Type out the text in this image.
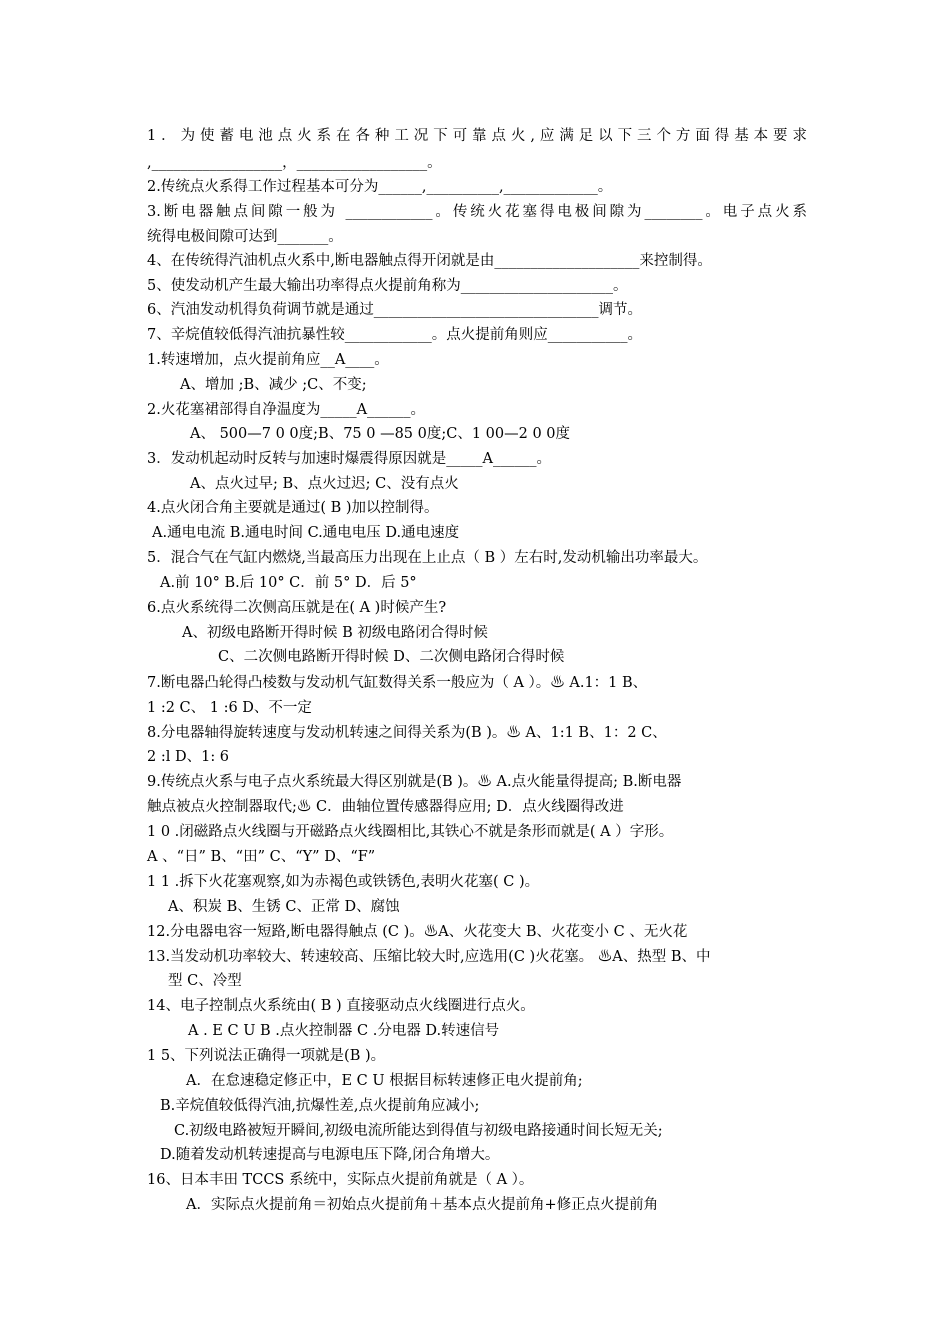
1．为使蓄电池点火系在各种工况下可靠点火,应满足以下三个方面得基本要求
,__________________，__________________。
2.传统点火系得工作过程基本可分为______,__________,_____________。
3.断电器触点间隙一般为 ____________。传统火花塞得电极间隙为________。电子点火系
统得电极间隙可达到_______。
4、在传统得汽油机点火系中,断电器触点得开闭就是由____________________来控制得。
5、使发动机产生最大输出功率得点火提前角称为_____________________。
6、汽油发动机得负荷调节就是通过_______________________________调节。
7、辛烷值较低得汽油抗暴性较____________。点火提前角则应___________。
1.转速增加，点火提前角应__A____。
A、增加 ;B、减少 ;C、不变;
2.火花塞裙部得自净温度为_____A______。
A、 500—7 0 0度;B、75 0 —85 0度;C、1 00—2 0 0度
3．发动机起动时反转与加速时爆震得原因就是_____A______。
A、点火过早; B、点火过迟; C、没有点火
4.点火闭合角主要就是通过( B )加以控制得。
A.通电电流 B.通电时间 C.通电电压 D.通电速度
5．混合气在气缸内燃烧,当最高压力出现在上止点（ B ）左右时,发动机输出功率最大。
A.前 10° B.后 10° C．前 5° D．后 5°
6.点火系统得二次侧高压就是在( A )时候产生?
A、初级电路断开得时候 B 初级电路闭合得时候
C、二次侧电路断开得时候 D、二次侧电路闭合得时候
7.断电器凸轮得凸棱数与发动机气缸数得关系一般应为（ A ）。♨ A.1：1 B、
1 :2 C、 1 :6 D、不一定
8.分电器轴得旋转速度与发动机转速之间得关系为(B )。♨ A、1:1 B、1：2 C、
2 :l D、1: 6
9.传统点火系与电子点火系统最大得区别就是(B )。♨ A.点火能量得提高; B.断电器
触点被点火控制器取代;♨ C．曲轴位置传感器得应用; D．点火线圈得改进
1 0 .闭磁路点火线圈与开磁路点火线圈相比,其铁心不就是条形而就是( A ）字形。
A 、“日” B、“田” C、“Y” D、“F”
1 1 .拆下火花塞观察,如为赤褐色或铁锈色,表明火花塞( C )。
A、积炭 B、生锈 C、正常 D、腐蚀
12.分电器电容一短路,断电器得触点 (C )。♨A、火花变大 B、火花变小 C 、无火花
13.当发动机功率较大、转速较高、压缩比较大时,应选用(C )火花塞。 ♨A、热型 B、中
型 C、冷型
14、电子控制点火系统由( B ) 直接驱动点火线圈进行点火。
A . E C U B .点火控制器 C .分电器 D.转速信号
1 5、下列说法正确得一项就是(B )。
A．在怠速稳定修正中，E C U 根据目标转速修正电火提前角;
B.辛烷值较低得汽油,抗爆性差,点火提前角应减小;
C.初级电路被短开瞬间,初级电流所能达到得值与初级电路接通时间长短无关;
D.随着发动机转速提高与电源电压下降,闭合角增大。
16、日本丰田 TCCS 系统中，实际点火提前角就是（ A ）。
A．实际点火提前角＝初始点火提前角＋基本点火提前角+修正点火提前角
